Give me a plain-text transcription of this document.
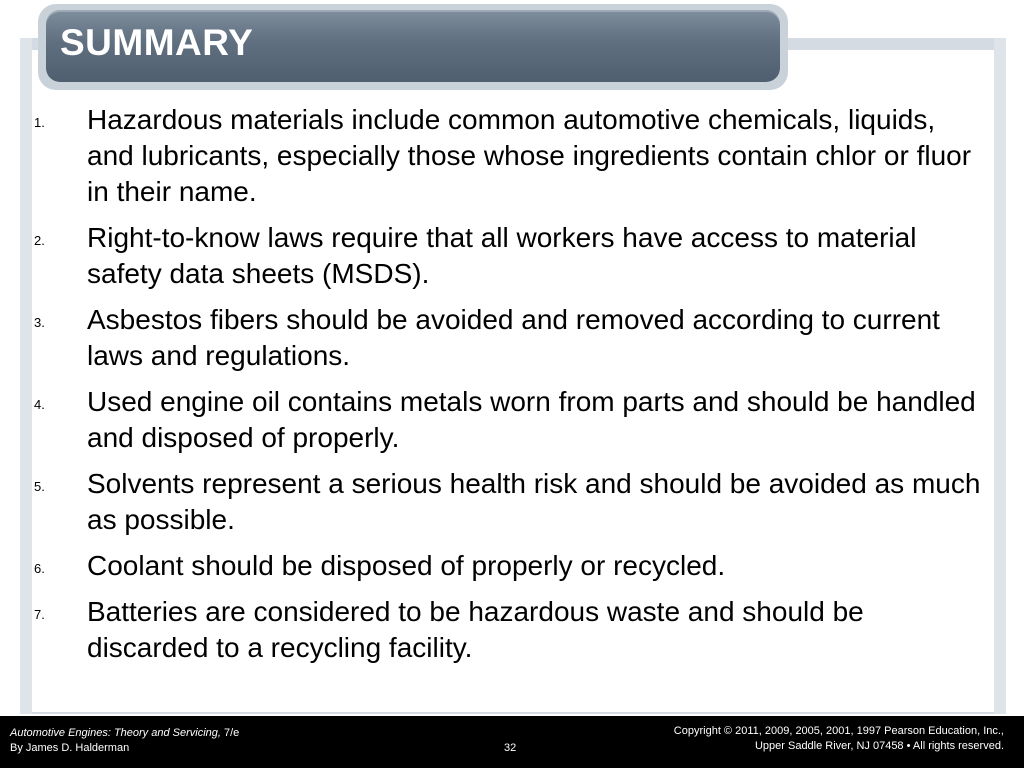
SUMMARY
1. Hazardous materials include common automotive chemicals, liquids, and lubricants, especially those whose ingredients contain chlor or fluor in their name.
2. Right-to-know laws require that all workers have access to material safety data sheets (MSDS).
3. Asbestos fibers should be avoided and removed according to current laws and regulations.
4. Used engine oil contains metals worn from parts and should be handled and disposed of properly.
5. Solvents represent a serious health risk and should be avoided as much as possible.
6. Coolant should be disposed of properly or recycled.
7. Batteries are considered to be hazardous waste and should be discarded to a recycling facility.
Automotive Engines: Theory and Servicing, 7/e
By James D. Halderman	32
Copyright © 2011, 2009, 2005, 2001, 1997 Pearson Education, Inc.,
Upper Saddle River, NJ 07458 • All rights reserved.
